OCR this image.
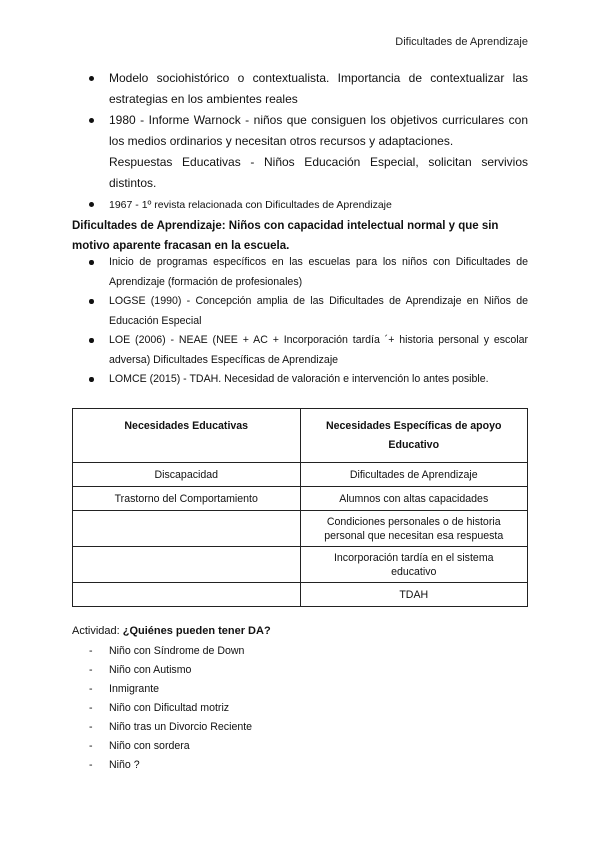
Dificultades de Aprendizaje
Modelo sociohistórico o contextualista. Importancia de contextualizar las estrategias en los ambientes reales
1980 - Informe Warnock - niños que consiguen los objetivos curriculares con los medios ordinarios y necesitan otros recursos y adaptaciones.
Respuestas Educativas - Niños Educación Especial, solicitan servivios distintos.
1967 - 1º revista relacionada con Dificultades de Aprendizaje
Dificultades de Aprendizaje: Niños con capacidad intelectual normal y que sin motivo aparente fracasan en la escuela.
Inicio de programas específicos en las escuelas para los niños con Dificultades de Aprendizaje (formación de profesionales)
LOGSE (1990) - Concepción amplia de las Dificultades de Aprendizaje en Niños de Educación Especial
LOE (2006) - NEAE (NEE + AC + Incorporación tardía ´+ historia personal y escolar adversa) Dificultades Específicas de Aprendizaje
LOMCE (2015) - TDAH. Necesidad de valoración e intervención lo antes posible.
Necesidades Educativas	Necesidades Específicas de apoyo Educativo
Discapacidad	Dificultades de Aprendizaje
Trastorno del Comportamiento	Alumnos con altas capacidades
	Condiciones personales o de historia personal que necesitan esa respuesta
	Incorporación tardía en el sistema educativo
	TDAH
Actividad: ¿Quiénes pueden tener DA?
- Niño con Síndrome de Down
- Niño con Autismo
- Inmigrante
- Niño con Dificultad motriz
- Niño tras un Divorcio Reciente
- Niño con sordera
- Niño ?
